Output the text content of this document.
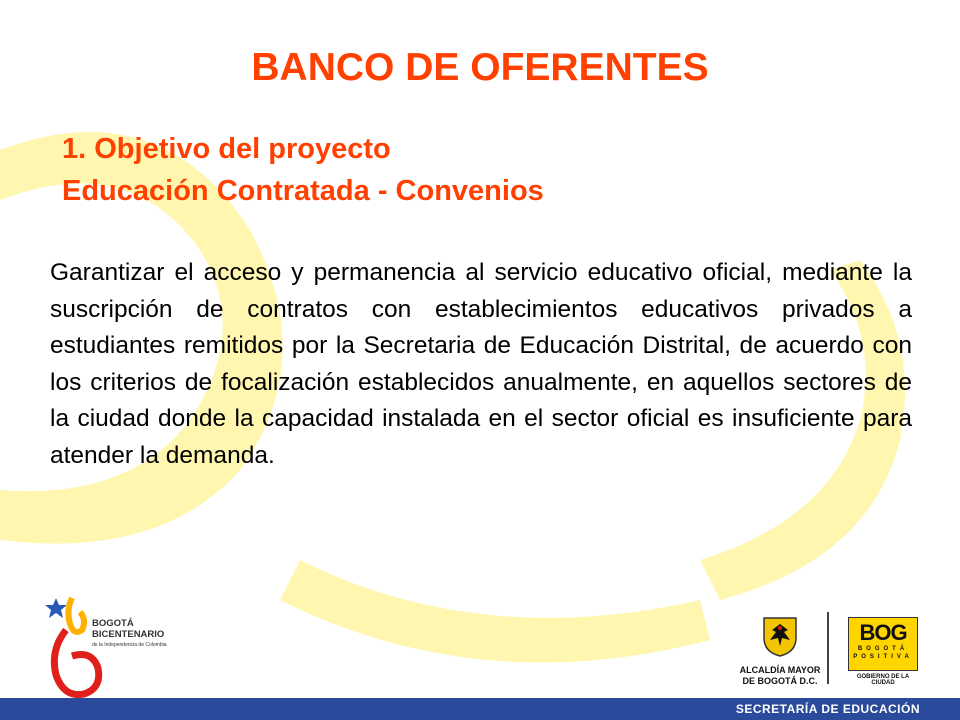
BANCO DE OFERENTES
1. Objetivo del proyecto
Educación Contratada - Convenios
Garantizar el acceso y permanencia al servicio educativo oficial, mediante la suscripción de contratos con establecimientos educativos privados a estudiantes remitidos por la Secretaria de Educación Distrital, de acuerdo con los criterios de focalización establecidos anualmente, en aquellos sectores de la ciudad donde la capacidad instalada en el sector oficial es insuficiente para atender la demanda.
BOGOTÁ
BICENTENARIO
de la Independencia de Colombia
ALCALDÍA MAYOR
DE BOGOTÁ D.C.
BOG
BOGOTÁ
POSITIVA
GOBIERNO DE LA CIUDAD
SECRETARÍA DE EDUCACIÓN
